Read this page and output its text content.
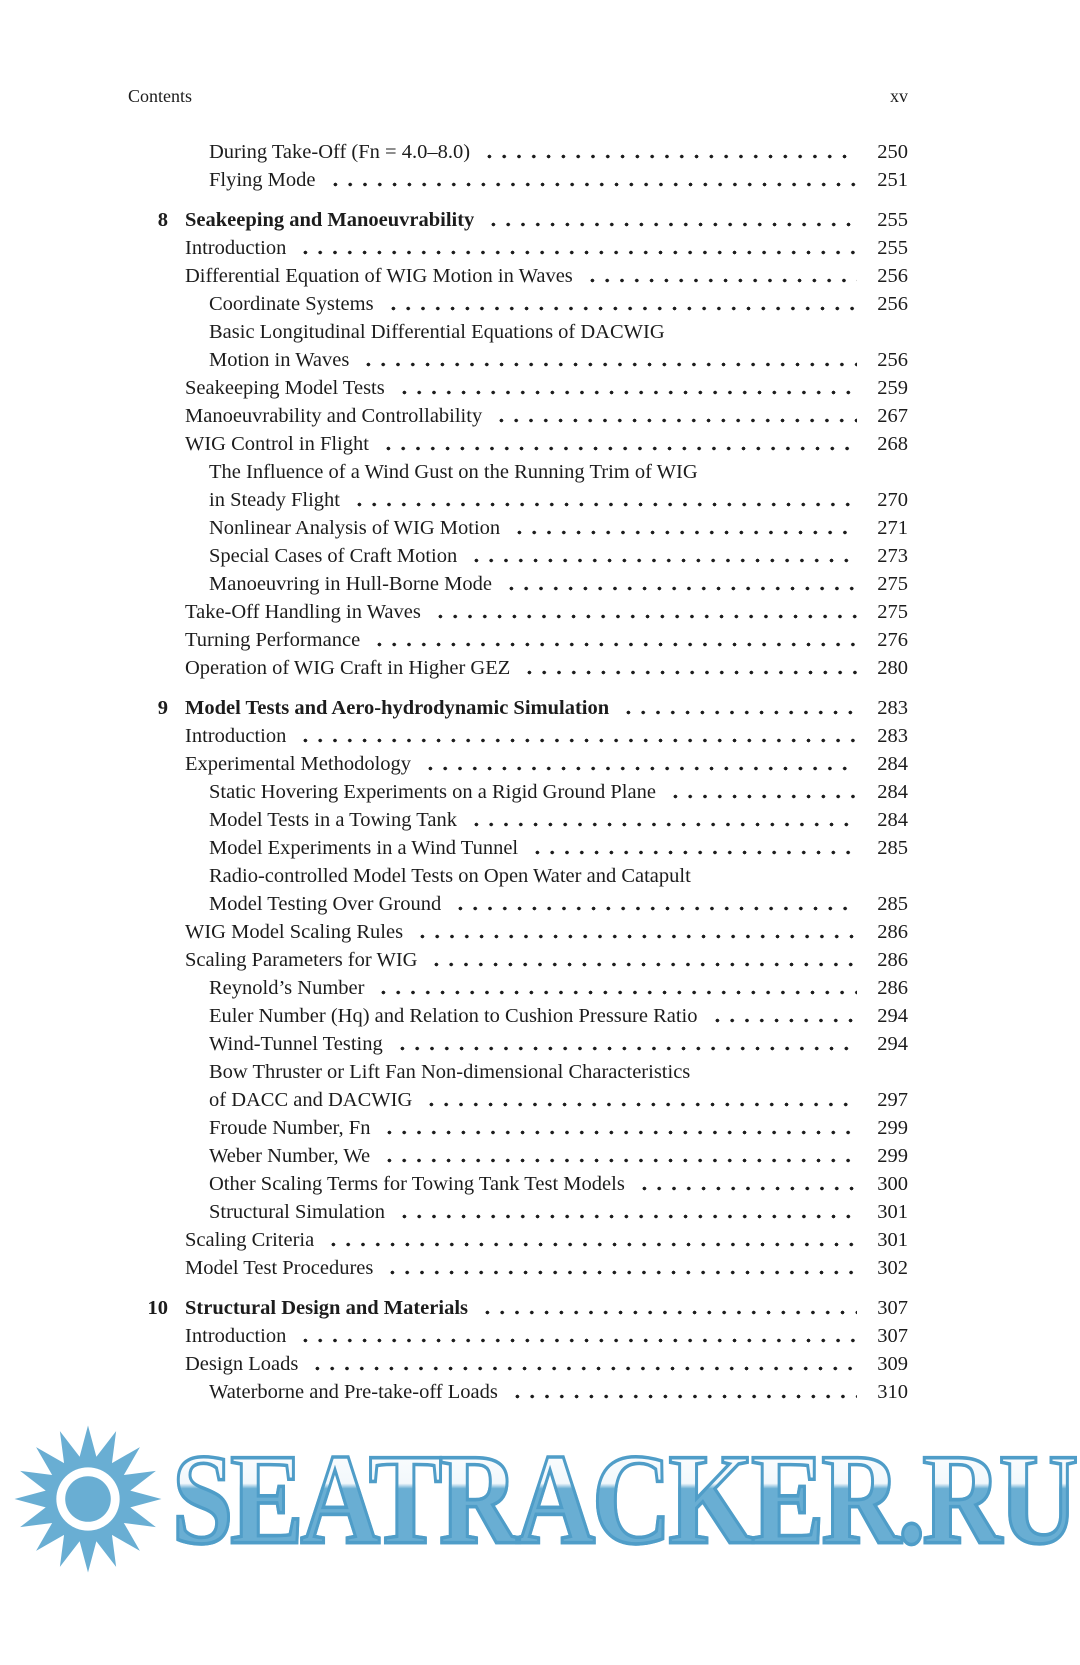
Contents	xv
During Take-Off (Fn = 4.0–8.0)	250
Flying Mode	251
8 Seakeeping and Manoeuvrability	255
Introduction	255
Differential Equation of WIG Motion in Waves	256
Coordinate Systems	256
Basic Longitudinal Differential Equations of DACWIG
Motion in Waves	256
Seakeeping Model Tests	259
Manoeuvrability and Controllability	267
WIG Control in Flight	268
The Influence of a Wind Gust on the Running Trim of WIG
in Steady Flight	270
Nonlinear Analysis of WIG Motion	271
Special Cases of Craft Motion	273
Manoeuvring in Hull-Borne Mode	275
Take-Off Handling in Waves	275
Turning Performance	276
Operation of WIG Craft in Higher GEZ	280
9 Model Tests and Aero-hydrodynamic Simulation	283
Introduction	283
Experimental Methodology	284
Static Hovering Experiments on a Rigid Ground Plane	284
Model Tests in a Towing Tank	284
Model Experiments in a Wind Tunnel	285
Radio-controlled Model Tests on Open Water and Catapult
Model Testing Over Ground	285
WIG Model Scaling Rules	286
Scaling Parameters for WIG	286
Reynold’s Number	286
Euler Number (Hq) and Relation to Cushion Pressure Ratio	294
Wind-Tunnel Testing	294
Bow Thruster or Lift Fan Non-dimensional Characteristics
of DACC and DACWIG	297
Froude Number, Fn	299
Weber Number, We	299
Other Scaling Terms for Towing Tank Test Models	300
Structural Simulation	301
Scaling Criteria	301
Model Test Procedures	302
10 Structural Design and Materials	307
Introduction	307
Design Loads	309
Waterborne and Pre-take-off Loads	310
SEATRACKER.RU
